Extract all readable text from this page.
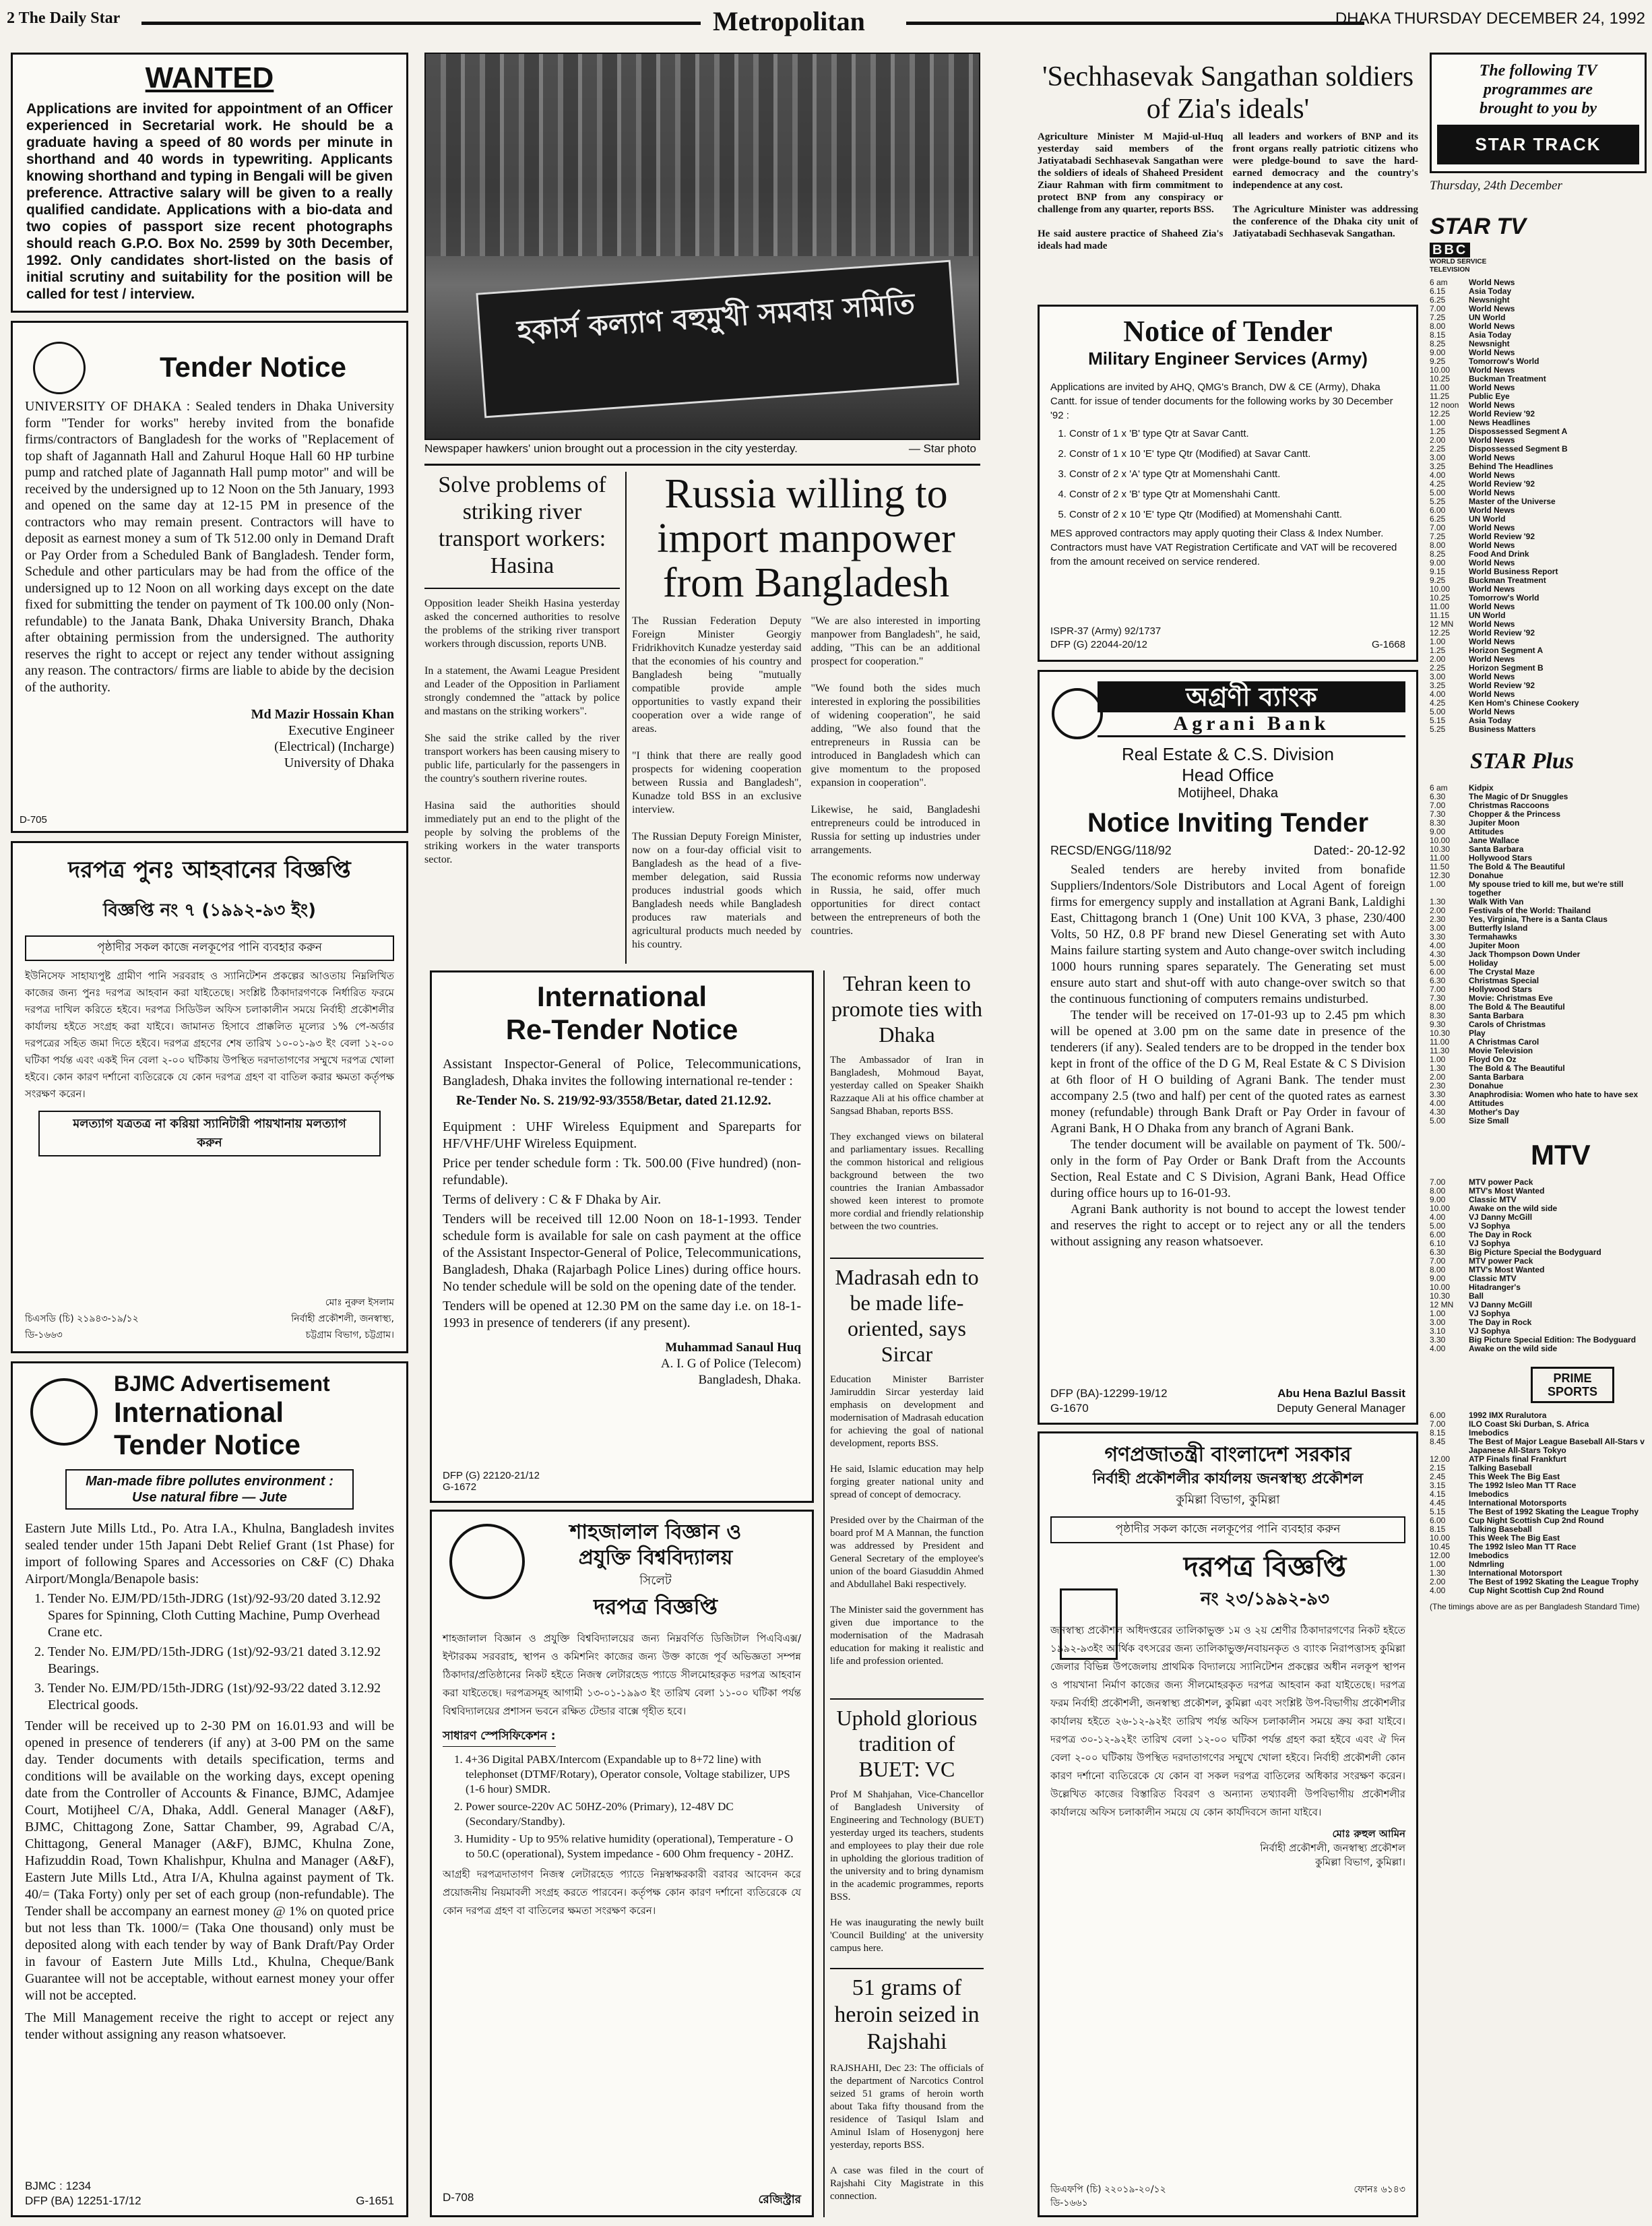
2 The Daily Star	Metropolitan	DHAKA THURSDAY DECEMBER 24, 1992
WANTED

Applications are invited for appointment of an Officer experienced in Secretarial work. He should be a graduate having a speed of 80 words per minute in shorthand and 40 words in typewriting. Applicants knowing shorthand and typing in Bengali will be given preference. Attractive salary will be given to a really qualified candidate. Applications with a bio-data and two copies of passport size recent photographs should reach G.P.O. Box No. 2599 by 30th December, 1992. Only candidates short-listed on the basis of initial scrutiny and suitability for the position will be called for test / interview.

Tender Notice

UNIVERSITY OF DHAKA : Sealed tenders in Dhaka University form "Tender for works" hereby invited from the bonafide firms/contractors of Bangladesh for the works of "Replacement of top shaft of Jagannath Hall and Zahurul Hoque Hall 60 HP turbine pump and ratched plate of Jagannath Hall pump motor" and will be received by the undersigned up to 12 Noon on the 5th January, 1993 and opened on the same day at 12-15 PM in presence of the contractors who may remain present. Contractors will have to deposit as earnest money a sum of Tk 512.00 only in Demand Draft or Pay Order from a Scheduled Bank of Bangladesh. Tender form, Schedule and other particulars may be had from the office of the undersigned up to 12 Noon on all working days except on the date fixed for submitting the tender on payment of Tk 100.00 only (Non-refundable) to the Janata Bank, Dhaka University Branch, Dhaka after obtaining permission from the undersigned. The authority reserves the right to accept or reject any tender without assigning any reason. The contractors/ firms are liable to abide by the decision of the authority.

Md Mazir Hossain Khan
Executive Engineer
(Electrical) (Incharge)
University of Dhaka
D-705
দরপত্র পুনঃ আহবানের বিজ্ঞপ্তি
বিজ্ঞপ্তি নং ৭ (১৯৯২-৯৩ ইং)
পৃষ্ঠাদীর সকল কাজে নলকূপের পানি ব্যবহার করুন

ইউনিসেফ সাহায্যপুষ্ট গ্রামীণ পানি সরবরাহ ও স্যানিটেশন প্রকল্পের আওতায় নিম্নলিখিত কাজের জন্য পুনঃ দরপত্র আহবান করা যাইতেছে। সংশ্লিষ্ট ঠিকাদারগণকে নির্ধারিত ফরমে দরপত্র দাখিল করিতে হইবে। দরপত্র সিডিউল অফিস চলাকালীন সময়ে নির্বাহী প্রকৌশলীর কার্যালয় হইতে সংগ্রহ করা যাইবে। জামানত হিসাবে প্রাক্কলিত মূল্যের ১% পে-অর্ডার দরপত্রের সহিত জমা দিতে হইবে। দরপত্র গ্রহণের শেষ তারিখ ১০-০১-৯৩ ইং বেলা ১২-০০ ঘটিকা পর্যন্ত এবং একই দিন বেলা ২-০০ ঘটিকায় উপস্থিত দরদাতাগণের সম্মুখে দরপত্র খোলা হইবে। কোন কারণ দর্শানো ব্যতিরেকে যে কোন দরপত্র গ্রহণ বা বাতিল করার ক্ষমতা কর্তৃপক্ষ সংরক্ষণ করেন।

মলত্যাগ যত্রতত্র না করিয়া স্যানিটারী পায়খানায় মলত্যাগ করুন
মোঃ নুরুল ইসলাম
চিএসডি (চি) ২১৯৪৩-১৯/১২	নির্বাহী প্রকৌশলী, জনস্বাস্থ্য,
ডি-১৬৬৩	চট্টগ্রাম বিভাগ, চট্টগ্রাম।
BJMC Advertisement
International
Tender Notice
Man-made fibre pollutes environment :
Use natural fibre — Jute

Eastern Jute Mills Ltd., Po. Atra I.A., Khulna, Bangladesh invites sealed tender under 15th Japani Debt Relief Grant (1st Phase) for import of following Spares and Accessories on C&F (C) Dhaka Airport/Mongla/Benapole basis:

1. Tender No. EJM/PD/15th-JDRG (1st)/92-93/20 dated 3.12.92 Spares for Spinning, Cloth Cutting Machine, Pump Overhead Crane etc.
2. Tender No. EJM/PD/15th-JDRG (1st)/92-93/21 dated 3.12.92 Bearings.
3. Tender No. EJM/PD/15th-JDRG (1st)/92-93/22 dated 3.12.92 Electrical goods.

Tender will be received up to 2-30 PM on 16.01.93 and will be opened in presence of tenderers (if any) at 3-00 PM on the same day. Tender documents with details specification, terms and conditions will be available on the working days, except opening date from the Controller of Accounts & Finance, BJMC, Adamjee Court, Motijheel C/A, Dhaka, Addl. General Manager (A&F), BJMC, Chittagong Zone, Sattar Chamber, 99, Agrabad C/A, Chittagong, General Manager (A&F), BJMC, Khulna Zone, Hafizuddin Road, Town Khalishpur, Khulna and Manager (A&F), Eastern Jute Mills Ltd., Atra I/A, Khulna against payment of Tk. 40/= (Taka Forty) only per set of each group (non-refundable). The Tender shall be accompany an earnest money @ 1% on quoted price but not less than Tk. 1000/= (Taka One thousand) only must be deposited along with each tender by way of Bank Draft/Pay Order in favour of Eastern Jute Mills Ltd., Khulna, Cheque/Bank Guarantee will not be acceptable, without earnest money your offer will not be accepted.

The Mill Management receive the right to accept or reject any tender without assigning any reason whatsoever.

BJMC : 1234
DFP (BA) 12251-17/12	G-1651
হকার্স কল্যাণ বহুমুখী সমবায় সমিতি
Newspaper hawkers' union brought out a procession in the city yesterday.	— Star photo
Solve problems of striking river transport workers: Hasina

Opposition leader Sheikh Hasina yesterday asked the concerned authorities to resolve the problems of the striking river transport workers through discussion, reports UNB.

In a statement, the Awami League President and Leader of the Opposition in Parliament strongly condemned the "attack by police and mastans on the striking workers".

She said the strike called by the river transport workers has been causing misery to public life, particularly for the passengers in the country's southern riverine routes.

Hasina said the authorities should immediately put an end to the plight of the people by solving the problems of the striking workers in the water transports sector.

Russia willing to import manpower from Bangladesh

The Russian Federation Deputy Foreign Minister Georgiy Fridrikhovitch Kunadze yesterday said that the economies of his country and Bangladesh being "mutually compatible provide ample opportunities to vastly expand their cooperation over a wide range of areas.

"I think that there are really good prospects for widening cooperation between Russia and Bangladesh", Kunadze told BSS in an exclusive interview.

The Russian Deputy Foreign Minister, now on a four-day official visit to Bangladesh as the head of a five-member delegation, said Russia produces industrial goods which Bangladesh needs while Bangladesh produces raw materials and agricultural products much needed by his country.

"We are also interested in importing manpower from Bangladesh", he said, adding, "This can be an additional prospect for cooperation."

"We found both the sides much interested in exploring the possibilities of widening cooperation", he said adding, "We also found that the entrepreneurs in Russia can be introduced in Bangladesh which can give momentum to the proposed expansion in cooperation".

Likewise, he said, Bangladeshi entrepreneurs could be introduced in Russia for setting up industries under arrangements.

The economic reforms now underway in Russia, he said, offer much opportunities for direct contact between the entrepreneurs of both the countries.

International
Re-Tender Notice

Assistant Inspector-General of Police, Telecommunications, Bangladesh, Dhaka invites the following international re-tender :

Re-Tender No. S. 219/92-93/3558/Betar, dated 21.12.92.

Equipment : UHF Wireless Equipment and Spareparts for HF/VHF/UHF Wireless Equipment.

Price per tender schedule form : Tk. 500.00 (Five hundred) (non-refundable).

Terms of delivery : C & F Dhaka by Air.

Tenders will be received till 12.00 Noon on 18-1-1993. Tender schedule form is available for sale on cash payment at the office of the Assistant Inspector-General of Police, Telecommunications, Bangladesh, Dhaka (Rajarbagh Police Lines) during office hours. No tender schedule will be sold on the opening date of the tender.

Tenders will be opened at 12.30 PM on the same day i.e. on 18-1-1993 in presence of tenderers (if any present).

Muhammad Sanaul Huq
A. I. G of Police (Telecom)
Bangladesh, Dhaka.
DFP (G) 22120-21/12
G-1672
শাহজালাল বিজ্ঞান ও
প্রযুক্তি বিশ্ববিদ্যালয়
সিলেট
দরপত্র বিজ্ঞপ্তি

শাহজালাল বিজ্ঞান ও প্রযুক্তি বিশ্ববিদ্যালয়ের জন্য নিম্নবর্ণিত ডিজিটাল পিএবিএক্স/ইন্টারকম সরবরাহ, স্থাপন ও কমিশনিং কাজের জন্য উক্ত কাজে পূর্ব অভিজ্ঞতা সম্পন্ন ঠিকাদার/প্রতিষ্ঠানের নিকট হইতে নিজস্ব লেটারহেড প্যাডে সীলমোহরকৃত দরপত্র আহবান করা যাইতেছে। দরপত্রসমূহ আগামী ১৩-০১-১৯৯৩ ইং তারিখ বেলা ১১-০০ ঘটিকা পর্যন্ত বিশ্ববিদ্যালয়ের প্রশাসন ভবনে রক্ষিত টেন্ডার বাক্সে গৃহীত হবে।

সাধারণ স্পেসিফিকেশন :
1. 4+36 Digital PABX/Intercom (Expandable up to 8+72 line) with telephonset (DTMF/Rotary), Operator console, Voltage stabilizer, UPS (1-6 hour) SMDR.
2. Power source-220v AC 50HZ-20% (Primary), 12-48V DC (Secondary/Standby).
3. Humidity - Up to 95% relative humidity (operational), Temperature - O to 50.C (operational), System impedance - 600 Ohm frequency - 20HZ.

আগ্রহী দরপত্রদাতাগণ নিজস্ব লেটারহেড প্যাডে নিম্নস্বাক্ষরকারী বরাবর আবেদন করে প্রয়োজনীয় নিয়মাবলী সংগ্রহ করতে পারবেন। কর্তৃপক্ষ কোন কারণ দর্শানো ব্যতিরেকে যে কোন দরপত্র গ্রহণ বা বাতিলের ক্ষমতা সংরক্ষণ করেন।

D-708	রেজিস্ট্রার
Tehran keen to promote ties with Dhaka

The Ambassador of Iran in Bangladesh, Mohmoud Bayat, yesterday called on Speaker Shaikh Razzaque Ali at his office chamber at Sangsad Bhaban, reports BSS.

They exchanged views on bilateral and parliamentary issues. Recalling the common historical and religious background between the two countries the Iranian Ambassador showed keen interest to promote more cordial and friendly relationship between the two countries.

Madrasah edn to be made life-oriented, says Sircar

Education Minister Barrister Jamiruddin Sircar yesterday laid emphasis on development and modernisation of Madrasah education for achieving the goal of national development, reports BSS.

He said, Islamic education may help forging greater national unity and spread of concept of democracy.

Presided over by the Chairman of the board prof M A Mannan, the function was addressed by President and General Secretary of the employee's union of the board Giasuddin Ahmed and Abdullahel Baki respectively.

The Minister said the government has given due importance to the modernisation of the Madrasah education for making it realistic and life and profession oriented.

Uphold glorious tradition of BUET: VC

Prof M Shahjahan, Vice-Chancellor of Bangladesh University of Engineering and Technology (BUET) yesterday urged its teachers, students and employees to play their due role in upholding the glorious tradition of the university and to bring dynamism in the academic programmes, reports BSS.

He was inaugurating the newly built 'Council Building' at the university campus here.

51 grams of heroin seized in Rajshahi

RAJSHAHI, Dec 23: The officials of the department of Narcotics Control seized 51 grams of heroin worth about Taka fifty thousand from the residence of Tasiqul Islam and Aminul Islam of Hosenygonj here yesterday, reports BSS.

A case was filed in the court of Rajshahi City Magistrate in this connection.

'Sechhasevak Sangathan soldiers of Zia's ideals'

Agriculture Minister M Majid-ul-Huq yesterday said members of the Jatiyatabadi Sechhasevak Sangathan were the soldiers of ideals of Shaheed President Ziaur Rahman with firm commitment to protect BNP from any conspiracy or challenge from any quarter, reports BSS.

He said austere practice of Shaheed Zia's ideals had made

all leaders and workers of BNP and its front organs really patriotic citizens who were pledge-bound to save the hard-earned democracy and the country's independence at any cost.

The Agriculture Minister was addressing the conference of the Dhaka city unit of Jatiyatabadi Sechhasevak Sangathan.

Notice of Tender
Military Engineer Services (Army)

Applications are invited by AHQ, QMG's Branch, DW & CE (Army), Dhaka Cantt. for issue of tender documents for the following works by 30 December '92 :

1. Constr of 1 x 'B' type Qtr at Savar Cantt.
2. Constr of 1 x 10 'E' type Qtr (Modified) at Savar Cantt.
3. Constr of 2 x 'A' type Qtr at Momenshahi Cantt.
4. Constr of 2 x 'B' type Qtr at Momenshahi Cantt.
5. Constr of 2 x 10 'E' type Qtr (Modified) at Momenshahi Cantt.

MES approved contractors may apply quoting their Class & Index Number. Contractors must have VAT Registration Certificate and VAT will be recovered from the amount received on service rendered.

ISPR-37 (Army) 92/1737
DFP (G) 22044-20/12	G-1668
অগ্রণী ব্যাংক
Agrani Bank
Real Estate & C.S. Division
Head Office
Motijheel, Dhaka
Notice Inviting Tender
RECSD/ENGG/118/92	Dated:- 20-12-92

Sealed tenders are hereby invited from bonafide Suppliers/Indentors/Sole Distributors and Local Agent of foreign firms for emergency supply and installation at Agrani Bank, Laldighi East, Chittagong branch 1 (One) Unit 100 KVA, 3 phase, 230/400 Volts, 50 HZ, 0.8 PF brand new Diesel Generating set with Auto Mains failure starting system and Auto change-over switch including 1000 hours running spares separately. The Generating set must ensure auto start and shut-off with auto change-over switch so that the continuous functioning of computers remains undisturbed.

The tender will be received on 17-01-93 up to 2.45 pm which will be opened at 3.00 pm on the same date in presence of the tenderers (if any). Sealed tenders are to be dropped in the tender box kept in front of the office of the D G M, Real Estate & C S Division at 6th floor of H O building of Agrani Bank. The tender must accompany 2.5 (two and half) per cent of the quoted rates as earnest money (refundable) through Bank Draft or Pay Order in favour of Agrani Bank, H O Dhaka from any branch of Agrani Bank.

The tender document will be available on payment of Tk. 500/- only in the form of Pay Order or Bank Draft from the Accounts Section, Real Estate and C S Division, Agrani Bank, Head Office during office hours up to 16-01-93.

Agrani Bank authority is not bound to accept the lowest tender and reserves the right to accept or to reject any or all the tenders without assigning any reason whatsoever.

DFP (BA)-12299-19/12
G-1670
Abu Hena Bazlul Bassit
Deputy General Manager
গণপ্রজাতন্ত্রী বাংলাদেশ সরকার
নির্বাহী প্রকৌশলীর কার্যালয় জনস্বাস্থ্য প্রকৌশল
কুমিল্লা বিভাগ, কুমিল্লা
পৃষ্ঠাদীর সকল কাজে নলকূপের পানি ব্যবহার করুন
দরপত্র বিজ্ঞপ্তি
নং ২৩/১৯৯২-৯৩

জনস্বাস্থ্য প্রকৌশল অধিদপ্তরের তালিকাভুক্ত ১ম ও ২য় শ্রেণীর ঠিকাদারগণের নিকট হইতে ১৯৯২-৯৩ইং আর্থিক বৎসরের জন্য তালিকাভুক্ত/নবায়নকৃত ও ব্যাংক নিরাপত্তাসহ কুমিল্লা জেলার বিভিন্ন উপজেলায় প্রাথমিক বিদ্যালয়ে স্যানিটেশন প্রকল্পের অধীন নলকূপ স্থাপন ও পায়খানা নির্মাণ কাজের জন্য সীলমোহরকৃত দরপত্র আহবান করা যাইতেছে। দরপত্র ফরম নির্বাহী প্রকৌশলী, জনস্বাস্থ্য প্রকৌশল, কুমিল্লা এবং সংশ্লিষ্ট উপ-বিভাগীয় প্রকৌশলীর কার্যালয় হইতে ২৬-১২-৯২ইং তারিখ পর্যন্ত অফিস চলাকালীন সময়ে ক্রয় করা যাইবে। দরপত্র ৩০-১২-৯২ইং তারিখ বেলা ১২-০০ ঘটিকা পর্যন্ত গ্রহণ করা হইবে এবং ঐ দিন বেলা ২-০০ ঘটিকায় উপস্থিত দরদাতাগণের সম্মুখে খোলা হইবে। নির্বাহী প্রকৌশলী কোন কারণ দর্শানো ব্যতিরেকে যে কোন বা সকল দরপত্র বাতিলের অধিকার সংরক্ষণ করেন। উল্লেখিত কাজের বিস্তারিত বিবরণ ও অন্যান্য তথ্যাবলী উপবিভাগীয় প্রকৌশলীর কার্যালয়ে অফিস চলাকালীন সময়ে যে কোন কার্যদিবসে জানা যাইবে।

মোঃ রুহুল আমিন
নির্বাহী প্রকৌশলী, জনস্বাস্থ্য প্রকৌশল
কুমিল্লা বিভাগ, কুমিল্লা।
ডিএফপি (চি) ২২০১৯-২০/১২	ফোনঃ ৬১৪৩
ডি-১৬৬১
The following TV
programmes are
brought to you by
STAR TRACK
Thursday, 24th December
STAR TV
BBC
WORLD SERVICE TELEVISION
6 am	World News
6.15	Asia Today
6.25	Newsnight
7.00	World News
7.25	UN World
8.00	World News
8.15	Asia Today
8.25	Newsnight
9.00	World News
9.25	Tomorrow's World
10.00	World News
10.25	Buckman Treatment
11.00	World News
11.25	Public Eye
12 noon	World News
12.25	World Review '92
1.00	News Headlines
1.25	Dispossessed Segment A
2.00	World News
2.25	Dispossessed Segment B
3.00	World News
3.25	Behind The Headlines
4.00	World News
4.25	World Review '92
5.00	World News
5.25	Master of the Universe
6.00	World News
6.25	UN World
7.00	World News
7.25	World Review '92
8.00	World News
8.25	Food And Drink
9.00	World News
9.15	World Business Report
9.25	Buckman Treatment
10.00	World News
10.25	Tomorrow's World
11.00	World News
11.15	UN World
12 MN	World News
12.25	World Review '92
1.00	World News
1.25	Horizon Segment A
2.00	World News
2.25	Horizon Segment B
3.00	World News
3.25	World Review '92
4.00	World News
4.25	Ken Hom's Chinese Cookery
5.00	World News
5.15	Asia Today
5.25	Business Matters
STAR Plus
6 am	Kidpix
6.30	The Magic of Dr Snuggles
7.00	Christmas Raccoons
7.30	Chopper & the Princess
8.30	Jupiter Moon
9.00	Attitudes
10.00	Jane Wallace
10.30	Santa Barbara
11.00	Hollywood Stars
11.50	The Bold & The Beautiful
12.30	Donahue
1.00	My spouse tried to kill me, but we're still together
1.30	Walk With Van
2.00	Festivals of the World: Thailand
2.30	Yes, Virginia, There is a Santa Claus
3.00	Butterfly Island
3.30	Termahawks
4.00	Jupiter Moon
4.30	Jack Thompson Down Under
5.00	Holiday
6.00	The Crystal Maze
6.30	Christmas Special
7.00	Hollywood Stars
7.30	Movie: Christmas Eve
8.00	The Bold & The Beautiful
8.30	Santa Barbara
9.30	Carols of Christmas
10.30	Play
11.00	A Christmas Carol
11.30	Movie Television
1.00	Floyd On Oz
1.30	The Bold & The Beautiful
2.00	Santa Barbara
2.30	Donahue
3.30	Anaphrodisia: Women who hate to have sex
4.00	Attitudes
4.30	Mother's Day
5.00	Size Small
MTV
7.00	MTV power Pack
8.00	MTV's Most Wanted
9.00	Classic MTV
10.00	Awake on the wild side
4.00	VJ Danny McGill
5.00	VJ Sophya
6.00	The Day in Rock
6.10	VJ Sophya
6.30	Big Picture Special the Bodyguard
7.00	MTV power Pack
8.00	MTV's Most Wanted
9.00	Classic MTV
10.00	Hitadranger's
10.30	Ball
12 MN	VJ Danny McGill
1.00	VJ Sophya
3.00	The Day in Rock
3.10	VJ Sophya
3.30	Big Picture Special Edition: The Bodyguard
4.00	Awake on the wild side
PRIME SPORTS
6.00	1992 IMX Ruralutora
7.00	ILO Coast Ski Durban, S. Africa
8.15	Imebodics
8.45	The Best of Major League Baseball All-Stars v Japanese All-Stars Tokyo
12.00	ATP Finals final Frankfurt
2.15	Talking Baseball
2.45	This Week The Big East
3.15	The 1992 Isleo Man TT Race
4.15	Imebodics
4.45	International Motorsports
5.15	The Best of 1992 Skating the League Trophy
6.00	Cup Night Scottish Cup 2nd Round
8.15	Talking Baseball
10.00	This Week The Big East
10.45	The 1992 Isleo Man TT Race
12.00	Imebodics
1.00	Ndmrling
1.30	International Motorsport
2.00	The Best of 1992 Skating the League Trophy
4.00	Cup Night Scottish Cup 2nd Round
(The timings above are as per Bangladesh Standard Time)
